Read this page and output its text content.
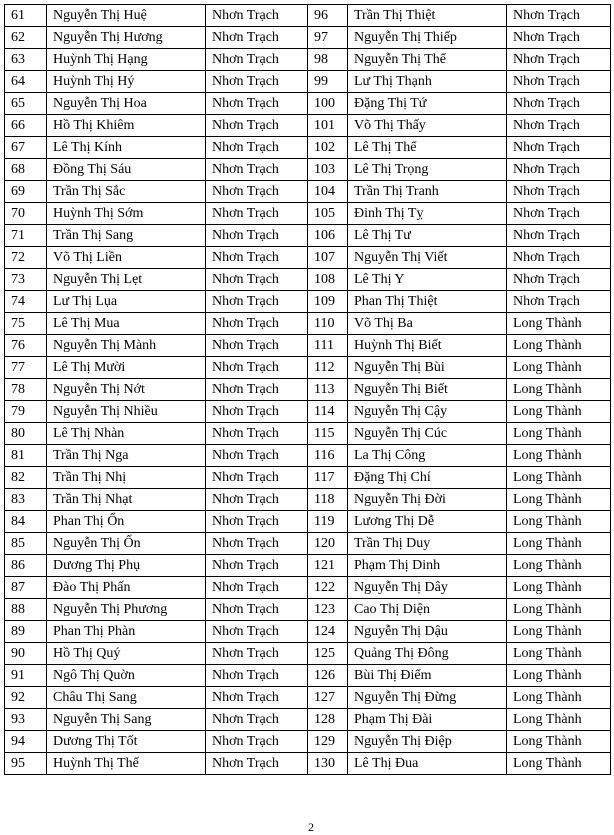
61	Nguyễn Thị Huệ	Nhơn Trạch	96	Trần Thị Thiệt	Nhơn Trạch
62	Nguyễn Thị Hương	Nhơn Trạch	97	Nguyễn Thị Thiếp	Nhơn Trạch
63	Huỳnh Thị Hạng	Nhơn Trạch	98	Nguyễn Thị Thể	Nhơn Trạch
64	Huỳnh Thị Hý	Nhơn Trạch	99	Lư Thị Thạnh	Nhơn Trạch
65	Nguyễn Thị Hoa	Nhơn Trạch	100	Đặng Thị Tứ	Nhơn Trạch
66	Hồ Thị Khiêm	Nhơn Trạch	101	Võ Thị Thấy	Nhơn Trạch
67	Lê Thị Kính	Nhơn Trạch	102	Lê Thị Thể	Nhơn Trạch
68	Đồng Thị Sáu	Nhơn Trạch	103	Lê Thị Trọng	Nhơn Trạch
69	Trần Thị Sắc	Nhơn Trạch	104	Trần Thị Tranh	Nhơn Trạch
70	Huỳnh Thị Sớm	Nhơn Trạch	105	Đinh Thị Tỵ	Nhơn Trạch
71	Trần Thị Sang	Nhơn Trạch	106	Lê Thị Tư	Nhơn Trạch
72	Võ Thị Liền	Nhơn Trạch	107	Nguyễn Thị Viết	Nhơn Trạch
73	Nguyễn Thị Lẹt	Nhơn Trạch	108	Lê Thị Y	Nhơn Trạch
74	Lư Thị Lụa	Nhơn Trạch	109	Phan Thị Thiệt	Nhơn Trạch
75	Lê Thị Mua	Nhơn Trạch	110	Võ Thị Ba	Long Thành
76	Nguyễn Thị Mành	Nhơn Trạch	111	Huỳnh Thị Biết	Long Thành
77	Lê Thị Mười	Nhơn Trạch	112	Nguyễn Thị Bùi	Long Thành
78	Nguyễn Thị Nớt	Nhơn Trạch	113	Nguyễn Thị Biết	Long Thành
79	Nguyễn Thị Nhiều	Nhơn Trạch	114	Nguyễn Thị Cậy	Long Thành
80	Lê Thị Nhàn	Nhơn Trạch	115	Nguyễn Thị Cúc	Long Thành
81	Trần Thị Nga	Nhơn Trạch	116	La Thị Công	Long Thành
82	Trần Thị Nhị	Nhơn Trạch	117	Đặng Thị Chí	Long Thành
83	Trần Thị Nhạt	Nhơn Trạch	118	Nguyễn Thị Đời	Long Thành
84	Phan Thị Ổn	Nhơn Trạch	119	Lương Thị Dễ	Long Thành
85	Nguyễn Thị Ổn	Nhơn Trạch	120	Trần Thị Duy	Long Thành
86	Dương Thị Phụ	Nhơn Trạch	121	Phạm Thị Dinh	Long Thành
87	Đào Thị Phấn	Nhơn Trạch	122	Nguyễn Thị Dây	Long Thành
88	Nguyễn Thị Phương	Nhơn Trạch	123	Cao Thị Diện	Long Thành
89	Phan Thị Phàn	Nhơn Trạch	124	Nguyễn Thị Dậu	Long Thành
90	Hồ Thị Quý	Nhơn Trạch	125	Quảng Thị Đông	Long Thành
91	Ngô Thị Quờn	Nhơn Trạch	126	Bùi Thị Điểm	Long Thành
92	Châu Thị Sang	Nhơn Trạch	127	Nguyễn Thị Đừng	Long Thành
93	Nguyễn Thị Sang	Nhơn Trạch	128	Phạm Thị Đài	Long Thành
94	Dương Thị Tốt	Nhơn Trạch	129	Nguyễn Thị Điệp	Long Thành
95	Huỳnh Thị Thế	Nhơn Trạch	130	Lê Thị Đua	Long Thành
2
